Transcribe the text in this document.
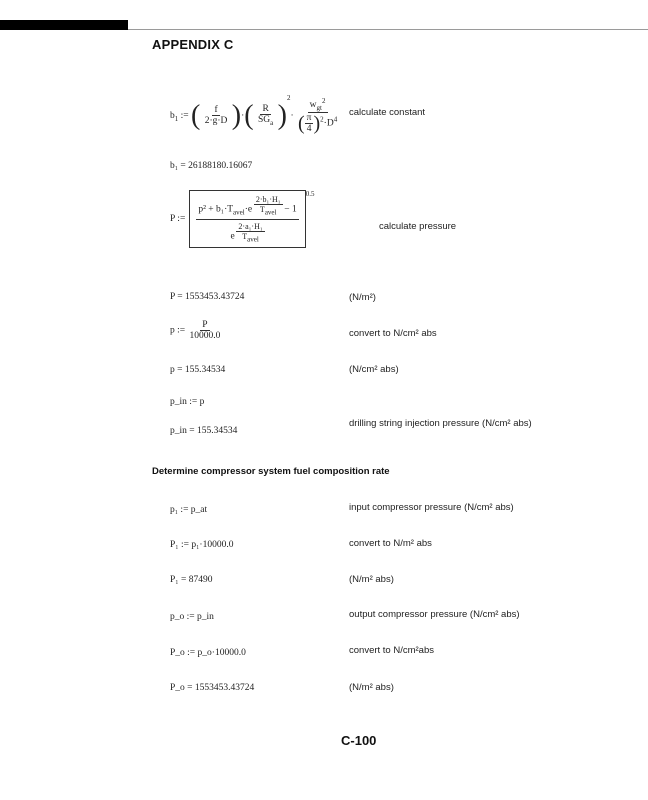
APPENDIX C
$b_1$ := ( $\frac{f}{2\cdot g\cdot D}$ )·( $\frac{R}{SG_a} )^2\cdot \frac{w_{gt}^2}{( \frac{\pi}{4} )^2\cdot D^4}$ calculate constant
b₁ = 26188180.16067
P := $p^2 + b_1\cdot T_{avel}\cdot e$ $^{\frac{\text{2·b₁·H₁}}{T_{avel}}}$ − 1
e $^{\frac{\text{2·a₁·H₁}}{T_{avel}}}$
$^{0.5}$
calculate pressure
P = 1553453.43724	(N/m²)
p := $\frac{P}{10000.0}$	convert to N/cm² abs
p = 155.34534	(N/cm² abs)
p_in := p
p_in = 155.34534
drilling string injection pressure (N/cm² abs)
Determine compressor system fuel composition rate
p₁ := p_at	input compressor pressure (N/cm² abs)
P₁ := p₁·10000.0	convert to N/m² abs
P₁ = 87490	(N/m² abs)
p_o := p_in	output compressor pressure (N/cm² abs)
P_o := p_o·10000.0	convert to N/cm²abs
P_o = 1553453.43724	(N/m² abs)
C-100
